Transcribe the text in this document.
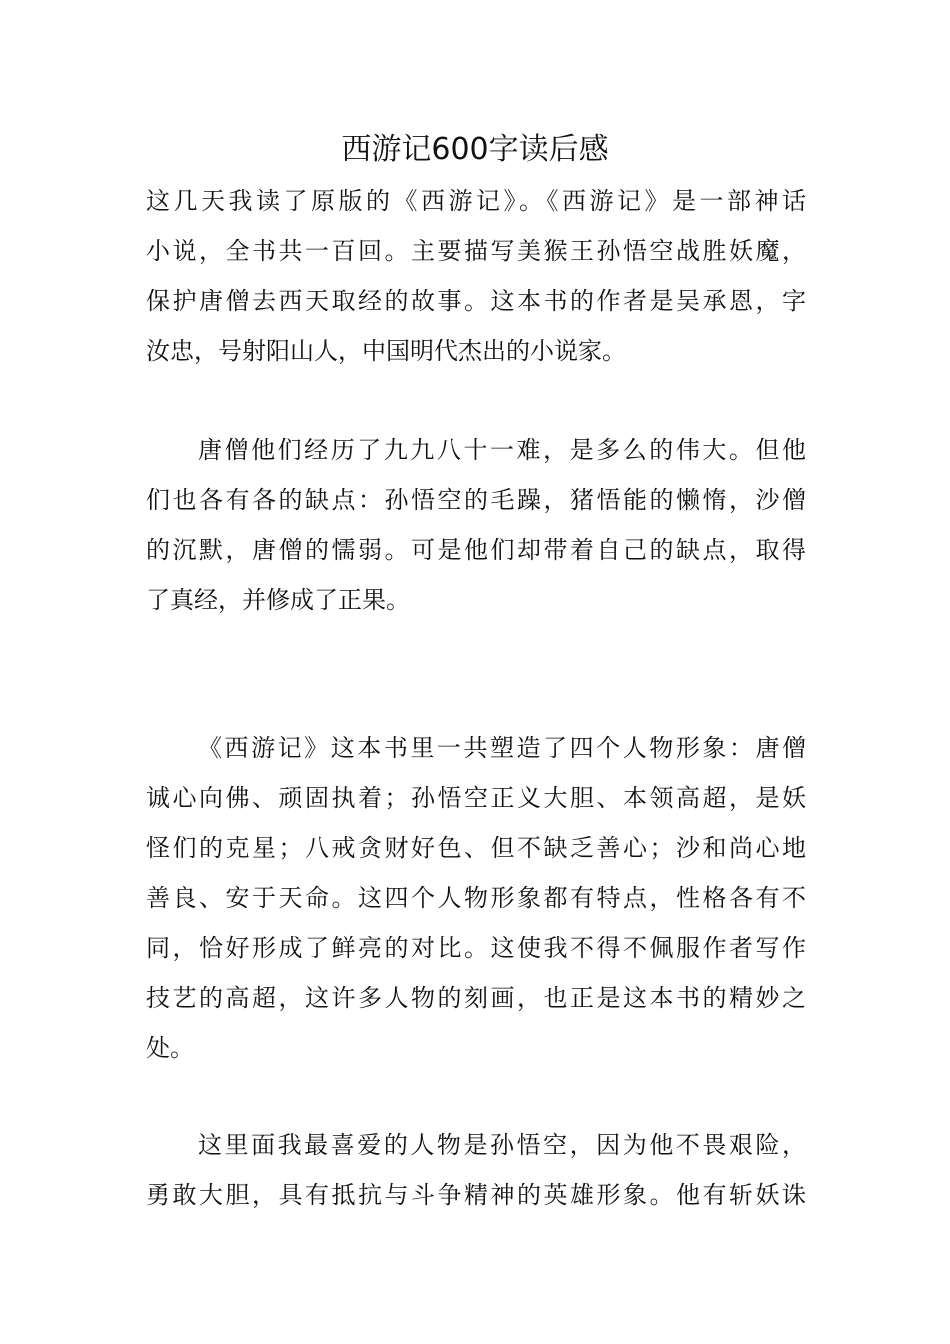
西游记600字读后感
这几天我读了原版的《西游记》。《西游记》是一部神话
小说，全书共一百回。主要描写美猴王孙悟空战胜妖魔，
保护唐僧去西天取经的故事。这本书的作者是吴承恩，字
汝忠，号射阳山人，中国明代杰出的小说家。
唐僧他们经历了九九八十一难，是多么的伟大。但他
们也各有各的缺点：孙悟空的毛躁，猪悟能的懒惰，沙僧
的沉默，唐僧的懦弱。可是他们却带着自己的缺点，取得
了真经，并修成了正果。
《西游记》这本书里一共塑造了四个人物形象：唐僧
诚心向佛、顽固执着；孙悟空正义大胆、本领高超，是妖
怪们的克星；八戒贪财好色、但不缺乏善心；沙和尚心地
善良、安于天命。这四个人物形象都有特点，性格各有不
同，恰好形成了鲜亮的对比。这使我不得不佩服作者写作
技艺的高超，这许多人物的刻画，也正是这本书的精妙之
处。
这里面我最喜爱的人物是孙悟空，因为他不畏艰险，
勇敢大胆，具有抵抗与斗争精神的英雄形象。他有斩妖诛
